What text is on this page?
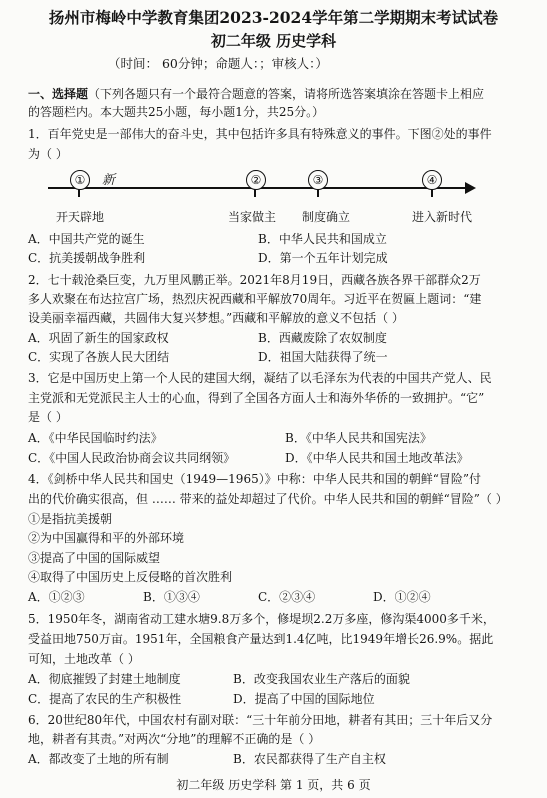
扬州市梅岭中学教育集团2023-2024学年第二学期期末考试试卷
初二年级 历史学科
（时间： 60分钟；命题人：；审核人：）
一、选择题（下列各题只有一个最符合题意的答案，请将所选答案填涂在答题卡上相应
的答题栏内。本大题共25小题，每小题1分，共25分。）
1．百年党史是一部伟大的奋斗史，其中包括许多具有特殊意义的事件。下图②处的事件
为（ ）
①	新	②	③	④
开天辟地	当家做主 制度确立	进入新时代
A．中国共产党的诞生	B．中华人民共和国成立
C．抗美援朝战争胜利	D．第一个五年计划完成
2．七十载沧桑巨变，九万里风鹏正举。2021年8月19日，西藏各族各界干部群众2万
多人欢聚在布达拉宫广场，热烈庆祝西藏和平解放70周年。习近平在贺匾上题词：“建
设美丽幸福西藏，共圆伟大复兴梦想。”西藏和平解放的意义不包括（ ）
A．巩固了新生的国家政权	B．西藏废除了农奴制度
C．实现了各族人民大团结	D．祖国大陆获得了统一
3．它是中国历史上第一个人民的建国大纲，凝结了以毛泽东为代表的中国共产党人、民
主党派和无党派民主人士的心血，得到了全国各方面人士和海外华侨的一致拥护。“它”
是（ ）
A．《中华民国临时约法》	B．《中华人民共和国宪法》
C．《中国人民政治协商会议共同纲领》	D．《中华人民共和国土地改革法》
4．《剑桥中华人民共和国史（1949—1965）》中称：中华人民共和国的朝鲜“冒险”付
出的代价确实很高，但 …… 带来的益处却超过了代价。中华人民共和国的朝鲜“冒险”（ ）
①是指抗美援朝
②为中国赢得和平的外部环境
③提高了中国的国际威望
④取得了中国历史上反侵略的首次胜利
A．①②③	B．①③④	C．②③④	D．①②④
5．1950年冬，湖南省动工建水塘9.8万多个，修堤坝2.2万多座，修沟渠4000多千米，
受益田地750万亩。1951年，全国粮食产量达到1.4亿吨，比1949年增长26.9%。据此
可知，土地改革（ ）
A．彻底摧毁了封建土地制度	B．改变我国农业生产落后的面貌
C．提高了农民的生产积极性	D．提高了中国的国际地位
6．20世纪80年代，中国农村有副对联：“三十年前分田地，耕者有其田；三十年后又分
地，耕者有其责。”对两次“分地”的理解不正确的是（ ）
A．都改变了土地的所有制	B．农民都获得了生产自主权
初二年级 历史学科 第 1 页，共 6 页
